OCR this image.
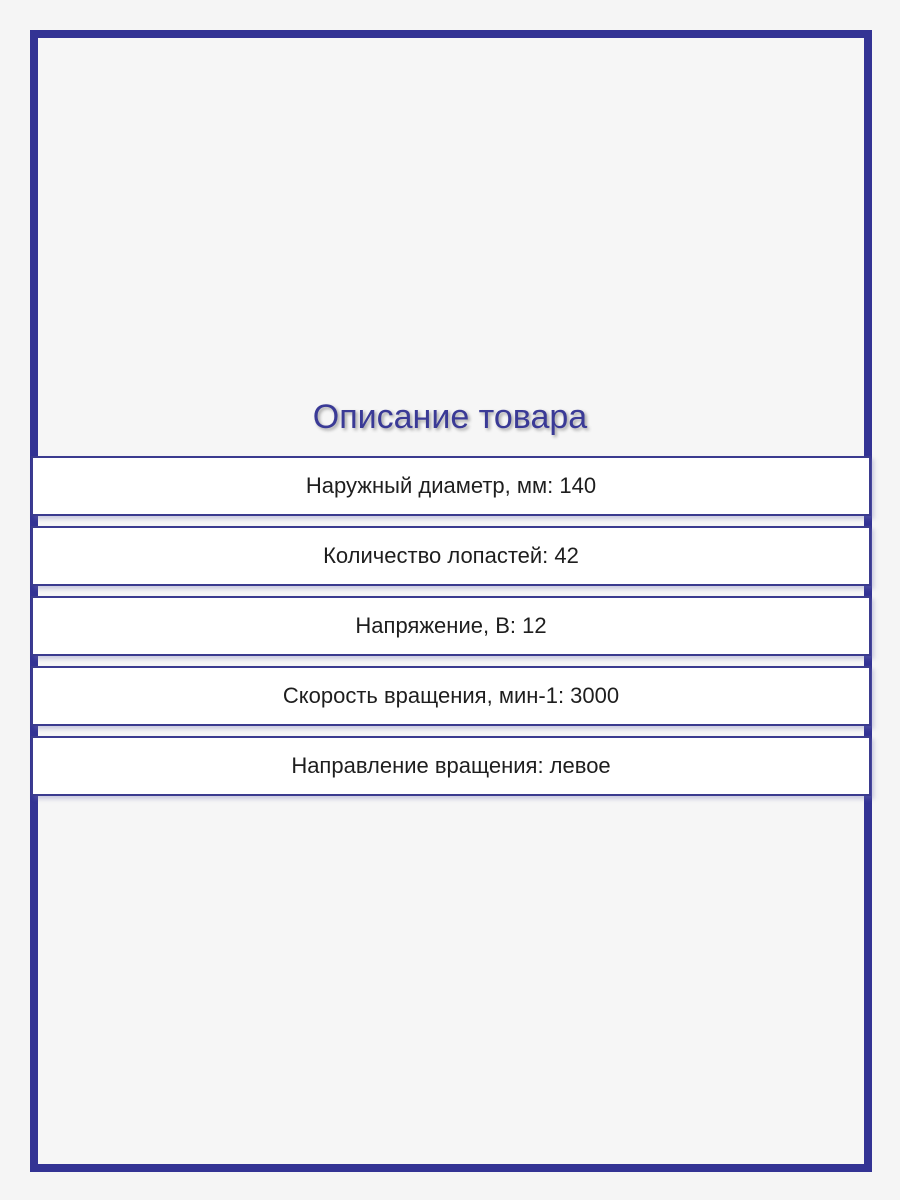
Описание товара
Наружный диаметр, мм: 140
Количество лопастей: 42
Напряжение, В: 12
Скорость вращения, мин-1: 3000
Направление вращения: левое
